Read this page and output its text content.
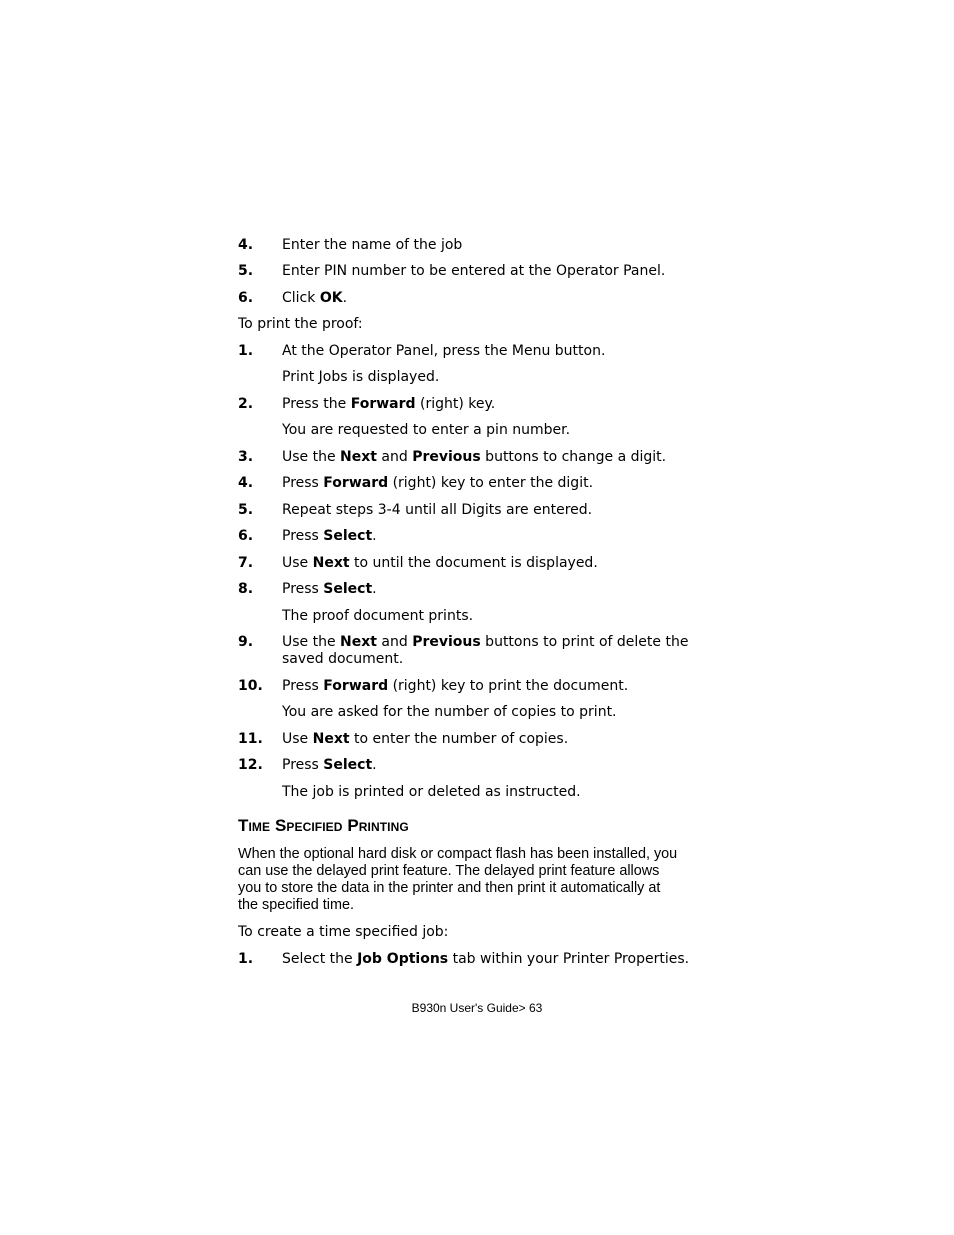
4. Enter the name of the job
5. Enter PIN number to be entered at the Operator Panel.
6. Click OK.
To print the proof:
1. At the Operator Panel, press the Menu button.
Print Jobs is displayed.
2. Press the Forward (right) key.
You are requested to enter a pin number.
3. Use the Next and Previous buttons to change a digit.
4. Press Forward (right) key to enter the digit.
5. Repeat steps 3-4 until all Digits are entered.
6. Press Select.
7. Use Next to until the document is displayed.
8. Press Select.
The proof document prints.
9. Use the Next and Previous buttons to print of delete the
saved document.
10. Press Forward (right) key to print the document.
You are asked for the number of copies to print.
11. Use Next to enter the number of copies.
12. Press Select.
The job is printed or deleted as instructed.
Time Specified Printing
When the optional hard disk or compact flash has been installed, you
can use the delayed print feature. The delayed print feature allows
you to store the data in the printer and then print it automatically at
the specified time.
To create a time specified job:
1. Select the Job Options tab within your Printer Properties.
B930n User's Guide> 63
